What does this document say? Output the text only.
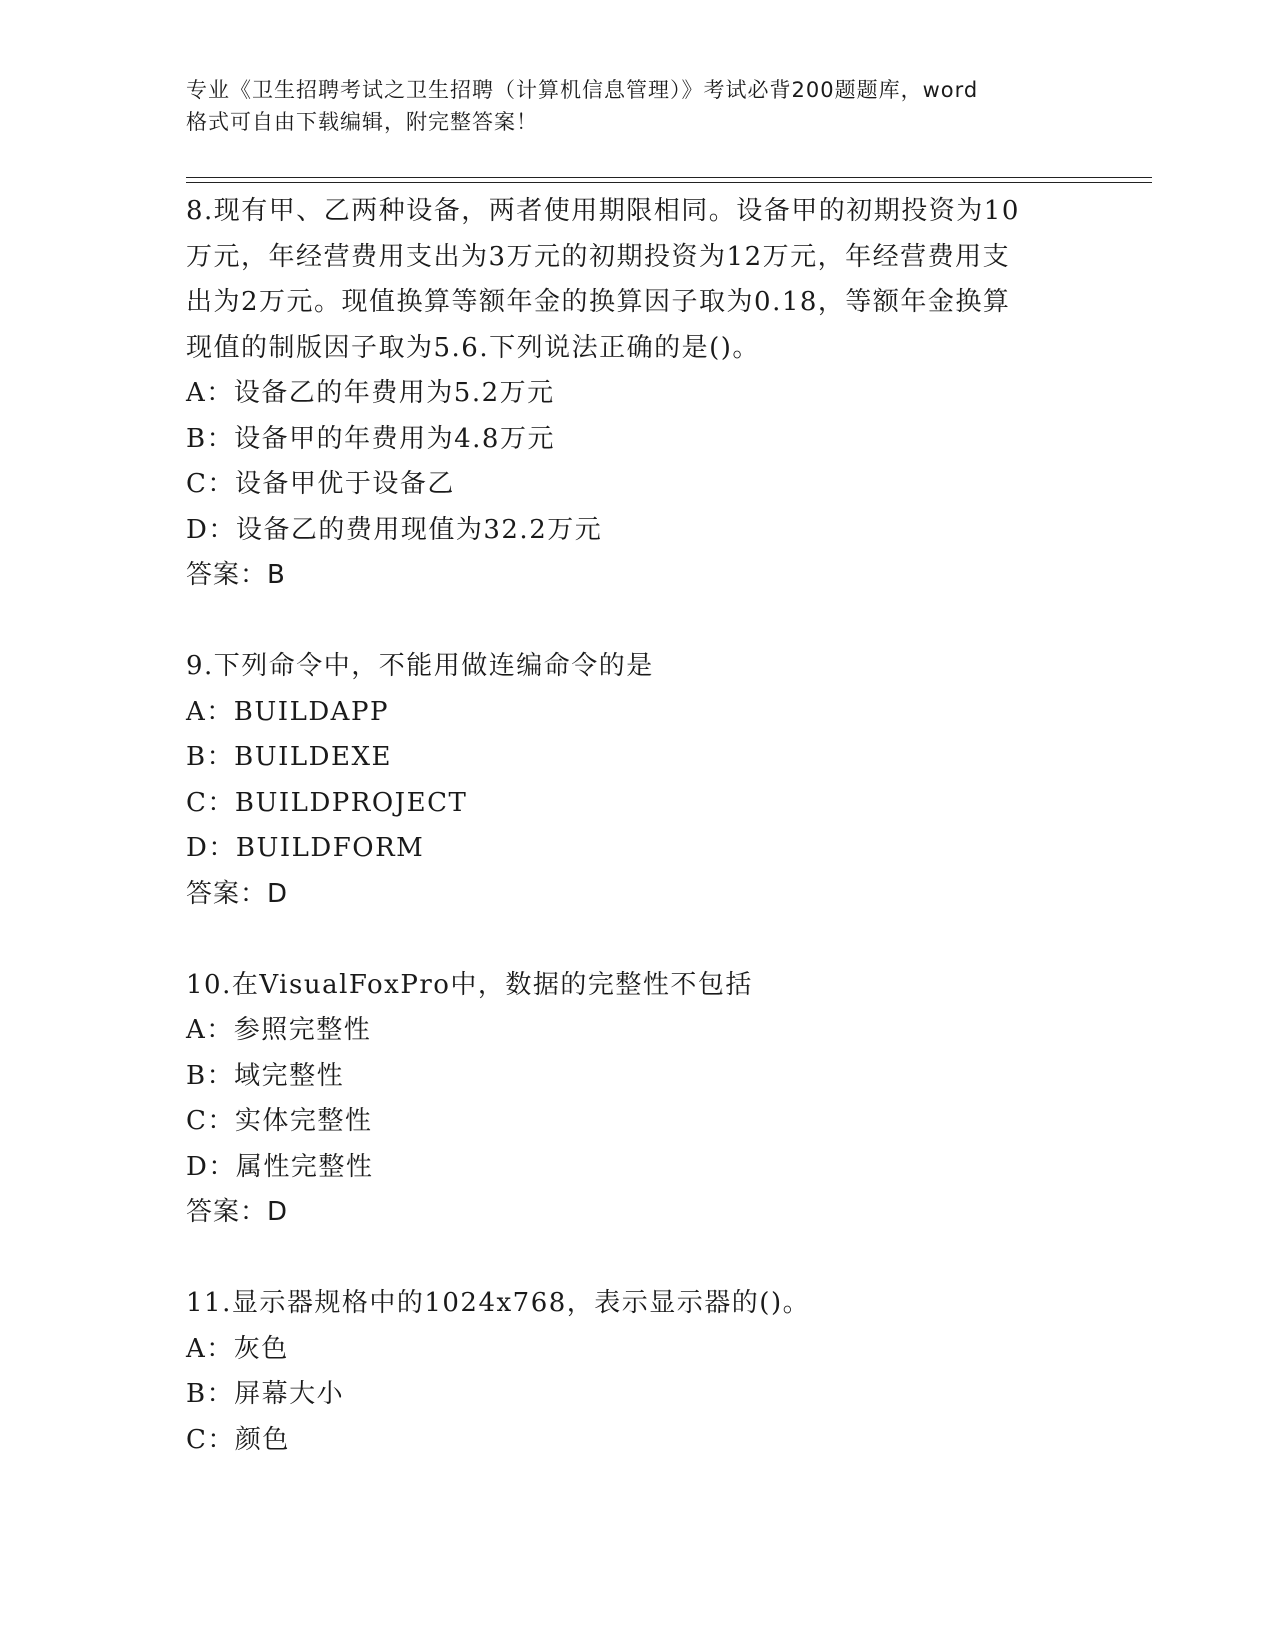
专业《卫生招聘考试之卫生招聘（计算机信息管理）》考试必背200题题库，word
格式可自由下载编辑，附完整答案！
8.现有甲、乙两种设备，两者使用期限相同。设备甲的初期投资为10
万元，年经营费用支出为3万元的初期投资为12万元，年经营费用支
出为2万元。现值换算等额年金的换算因子取为0.18，等额年金换算
现值的制版因子取为5.6.下列说法正确的是()。
A：设备乙的年费用为5.2万元
B：设备甲的年费用为4.8万元
C：设备甲优于设备乙
D：设备乙的费用现值为32.2万元
答案：B
9.下列命令中，不能用做连编命令的是
A：BUILDAPP
B：BUILDEXE
C：BUILDPROJECT
D：BUILDFORM
答案：D
10.在VisualFoxPro中，数据的完整性不包括
A：参照完整性
B：域完整性
C：实体完整性
D：属性完整性
答案：D
11.显示器规格中的1024x768，表示显示器的()。
A：灰色
B：屏幕大小
C：颜色
